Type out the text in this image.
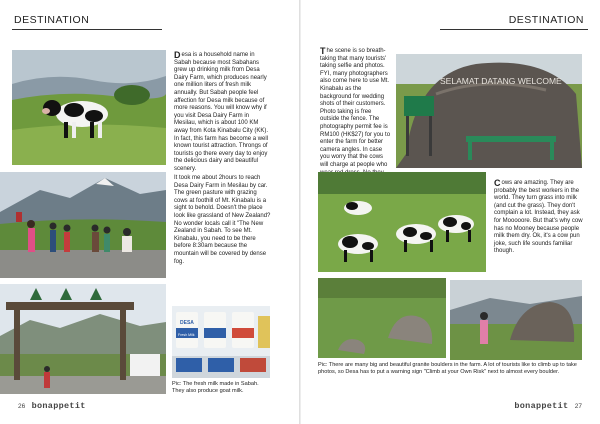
DESTINATION	DESTINATION
DESA
Fresh Milk
Pic: The fresh milk made in Sabah. They also produce goat milk.
Desa is a household name in Sabah because most Sabahans grew up drinking milk from Desa Dairy Farm, which produces nearly one million liters of fresh milk annually. But Sabah people feel affection for Desa milk because of more reasons. You will know why if you visit Desa Dairy Farm in Mesilau, which is about 100 KM away from Kota Kinabalu City (KK). In fact, this farm has become a well known tourist attraction. Throngs of tourists go there every day to enjoy the delicious dairy and beautiful scenery.
It took me about 2hours to reach Desa Dairy Farm in Mesilau by car. The green pasture with grazing cows at foothill of Mt. Kinabalu is a sight to behold. Doesn't the place look like grassland of New Zealand? No wonder locals call it "The New Zealand in Sabah. To see Mt. Kinabalu, you need to be there before 8:30am because the mountain will be covered by dense fog.
The scene is so breath-taking that many tourists' taking selfie and photos. FYI, many photographers also come here to use Mt. Kinabalu as the background for wedding shots of their customers. Photo taking is free outside the fence. The photography permit fee is RM100 (HK$27) for you to enter the farm for better camera angles. In case you worry that the cows will charge at people who
SELAMAT DATANG WELCOME
Cows are amazing. They are probably the best workers in the world. They turn grass into milk (and cut the grass). They don't complain a lot. Instead, they ask for Mooooore. But that's why cow has no Mooney because people milk them dry. Ok, it's a cow pun joke, such life sounds familiar though.
Pic: There are many big and beautiful granite boulders in the farm. A lot of tourists like to climb up to take photos, so Desa has to put a warning sign "Climb at your Own Risk" next to almost every boulder.
26 bonappetit	bonappetit 27
